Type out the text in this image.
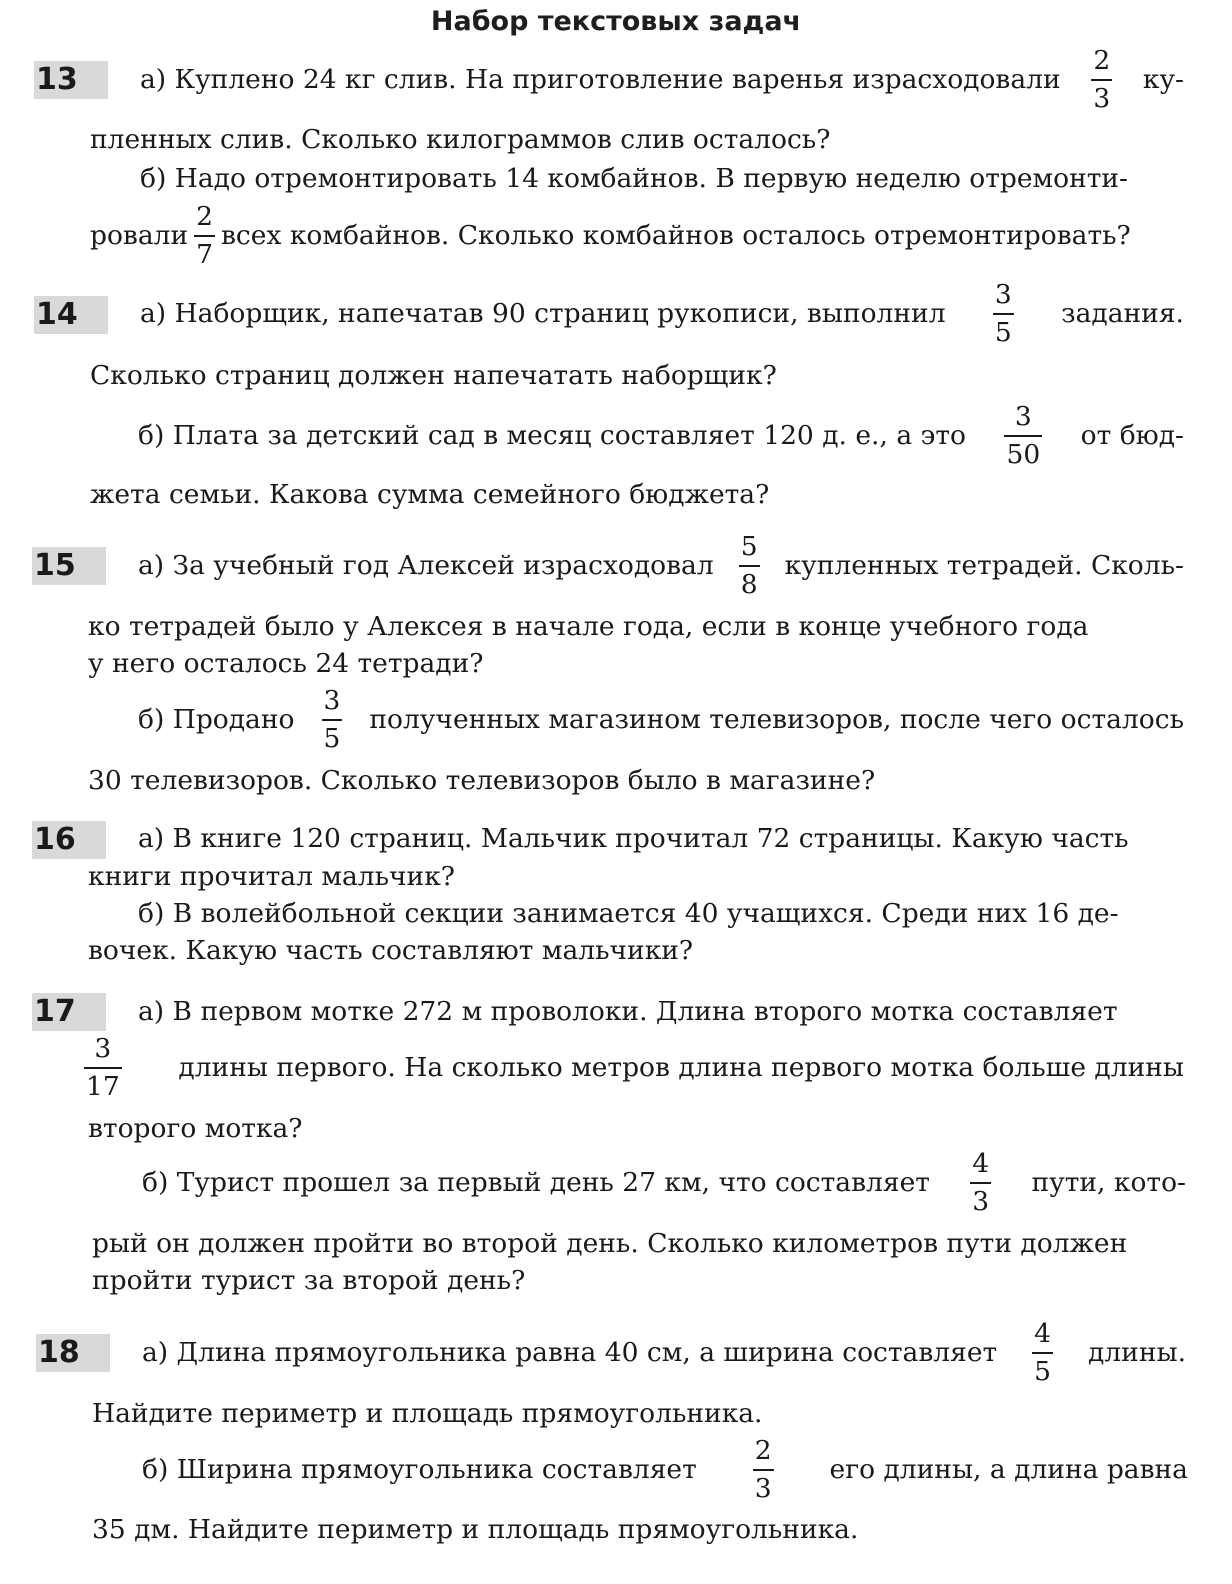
Набор текстовых задач
13	а) Куплено 24 кг слив. На приготовление варенья израсходовали $\frac{2}{3} ку-$
пленных слив. Сколько килограммов слив осталось?
б) Надо отремонтировать 14 комбайнов. В первую неделю отремонти-
ровали $\frac{2}{7}$ всех комбайнов. Сколько комбайнов осталось отремонтировать?
14	а) Наборщик, напечатав 90 страниц рукописи, выполнил $\frac{3}{5}$ задания.
Сколько страниц должен напечатать наборщик?
б) Плата за детский сад в месяц составляет 120 д. е., а это $\frac{3}{50}$ от бюд-
жета семьи. Какова сумма семейного бюджета?
15	а) За учебный год Алексей израсходовал $\frac{5}{8}$ купленных тетрадей. Сколь-
ко тетрадей было у Алексея в начале года, если в конце учебного года
у него осталось 24 тетради?
б) Продано $\frac{3}{5}$ полученных магазином телевизоров, после чего осталось
30 телевизоров. Сколько телевизоров было в магазине?
16	а) В книге 120 страниц. Мальчик прочитал 72 страницы. Какую часть
книги прочитал мальчик?
б) В волейбольной секции занимается 40 учащихся. Среди них 16 де-
вочек. Какую часть составляют мальчики?
17	а) В первом мотке 272 м проволоки. Длина второго мотка составляет
$\frac{3}{17}$ длины первого. На сколько метров длина первого мотка больше длины
второго мотка?
б) Турист прошел за первый день 27 км, что составляет $\frac{4}{3}$ пути, кото-
рый он должен пройти во второй день. Сколько километров пути должен
пройти турист за второй день?
18	а) Длина прямоугольника равна 40 см, а ширина составляет $\frac{4}{5}$ длины.
Найдите периметр и площадь прямоугольника.
б) Ширина прямоугольника составляет $\frac{2}{3}$ его длины, а длина равна
35 дм. Найдите периметр и площадь прямоугольника.
